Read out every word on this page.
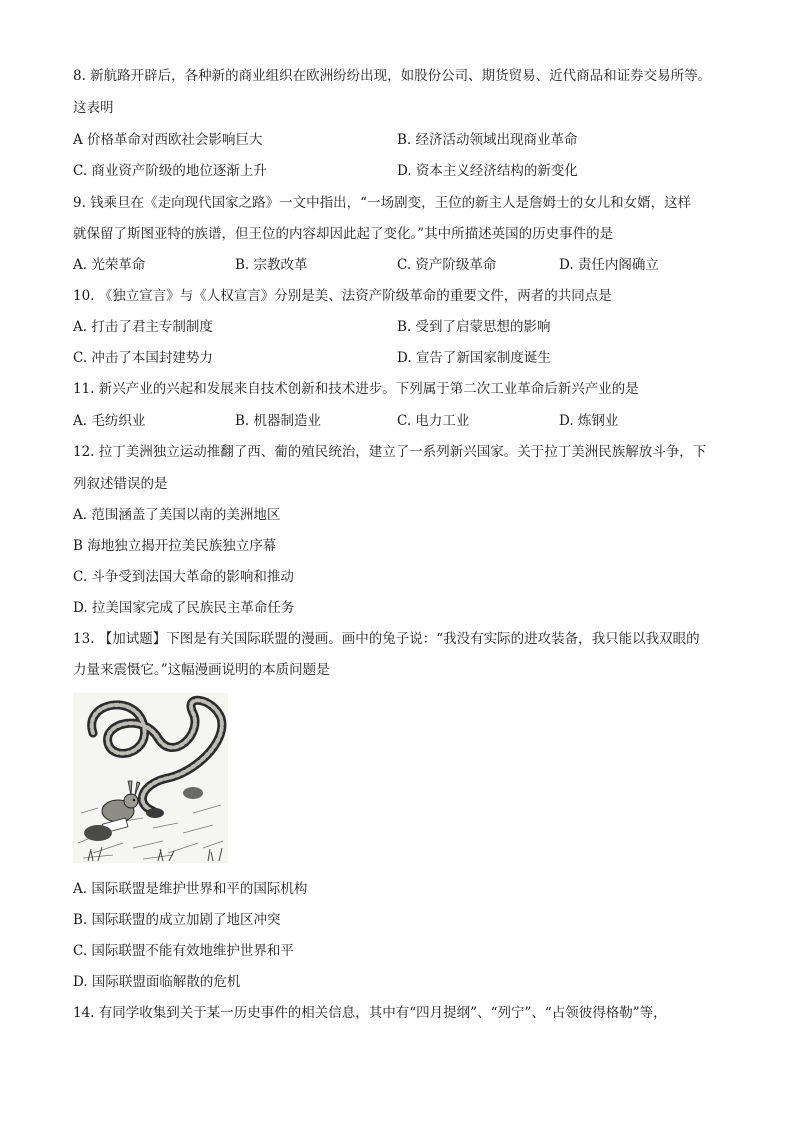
8. 新航路开辟后，各种新的商业组织在欧洲纷纷出现，如股份公司、期货贸易、近代商品和证券交易所等。
这表明
A 价格革命对西欧社会影响巨大	B. 经济活动领域出现商业革命
C. 商业资产阶级的地位逐渐上升	D. 资本主义经济结构的新变化
9. 钱乘旦在《走向现代国家之路》一文中指出，“一场剧变，王位的新主人是詹姆士的女儿和女婿，这样
就保留了斯图亚特的族谱，但王位的内容却因此起了变化。”其中所描述英国的历史事件的是
A. 光荣革命	B. 宗教改革	C. 资产阶级革命	D. 责任内阁确立
10. 《独立宣言》与《人权宣言》分别是美、法资产阶级革命的重要文件，两者的共同点是
A. 打击了君主专制制度	B. 受到了启蒙思想的影响
C. 冲击了本国封建势力	D. 宣告了新国家制度诞生
11. 新兴产业的兴起和发展来自技术创新和技术进步。下列属于第二次工业革命后新兴产业的是
A. 毛纺织业	B. 机器制造业	C. 电力工业	D. 炼钢业
12. 拉丁美洲独立运动推翻了西、葡的殖民统治，建立了一系列新兴国家。关于拉丁美洲民族解放斗争，下
列叙述错误的是
A. 范围涵盖了美国以南的美洲地区
B 海地独立揭开拉美民族独立序幕
C. 斗争受到法国大革命的影响和推动
D. 拉美国家完成了民族民主革命任务
13. 【加试题】下图是有关国际联盟的漫画。画中的兔子说：“我没有实际的进攻装备，我只能以我双眼的
力量来震慑它。”这幅漫画说明的本质问题是
A. 国际联盟是维护世界和平的国际机构
B. 国际联盟的成立加剧了地区冲突
C. 国际联盟不能有效地维护世界和平
D. 国际联盟面临解散的危机
14. 有同学收集到关于某一历史事件的相关信息，其中有“四月提纲”、“列宁”、“占领彼得格勒”等，
